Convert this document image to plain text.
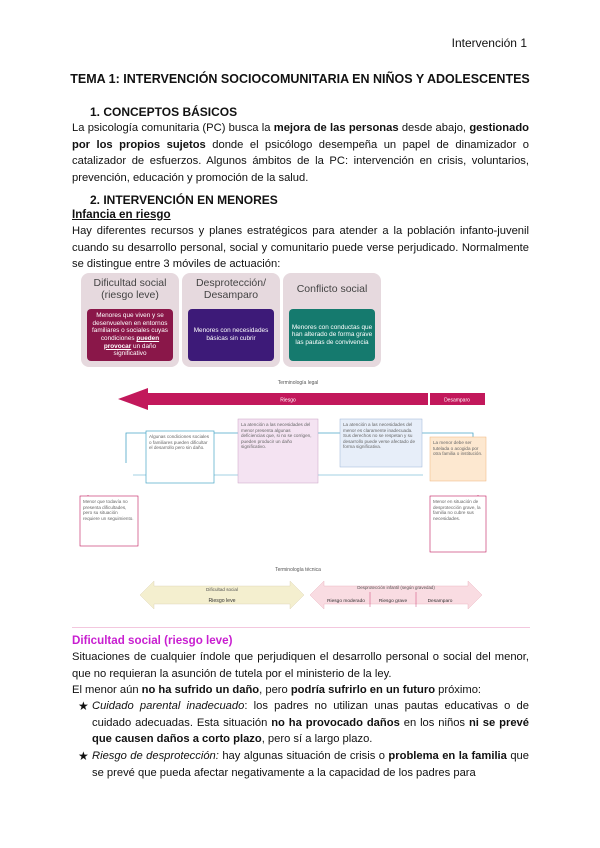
Intervención 1
TEMA 1: INTERVENCIÓN SOCIOCOMUNITARIA EN NIÑOS Y ADOLESCENTES
1. CONCEPTOS BÁSICOS
La psicología comunitaria (PC) busca la mejora de las personas desde abajo, gestionado por los propios sujetos donde el psicólogo desempeña un papel de dinamizador o catalizador de esfuerzos. Algunos ámbitos de la PC: intervención en crisis, voluntarios, prevención, educación y promoción de la salud.
2. INTERVENCIÓN EN MENORES
Infancia en riesgo
Hay diferentes recursos y planes estratégicos para atender a la población infanto-juvenil cuando su desarrollo personal, social y comunitario puede verse perjudicado. Normalmente se distingue entre 3 móviles de actuación:
Dificultad social (riesgo leve)
Menores que viven y se desenvuelven en entornos familiares o sociales cuyas condiciones pueden provocar un daño significativo
Desprotección/ Desamparo
Menores con necesidades básicas sin cubrir
Conflicto social
Menores con conductas que han alterado de forma grave las pautas de convivencia
Terminología legal
Riesgo	Desamparo
Terminología técnica
Dificultad social
Riesgo leve
Desprotección infantil (según gravedad)
Riesgo moderado	Riesgo grave	Desamparo
Algunas condiciones sociales o familiares pueden dificultar el desarrollo pero sin daño.
La atención a las necesidades del menor presenta algunas deficiencias que, si no se corrigen, pueden producir un daño significativo.
La atención a las necesidades del menor es claramente inadecuada. Sus derechos no se respetan y su desarrollo puede verse afectado de forma significativa.
La menor debe ser tutelada o acogida por otra familia o institución.
Menor que todavía no presenta dificultades, pero su situación requiere un seguimiento.
Menor en situación de desprotección grave, la familia no cubre sus necesidades.
Dificultad social (riesgo leve)
Situaciones de cualquier índole que perjudiquen el desarrollo personal o social del menor, que no requieran la asunción de tutela por el ministerio de la ley.
El menor aún no ha sufrido un daño, pero podría sufrirlo en un futuro próximo:
★ Cuidado parental inadecuado: los padres no utilizan unas pautas educativas o de cuidado adecuadas. Esta situación no ha provocado daños en los niños ni se prevé que causen daños a corto plazo, pero sí a largo plazo.
★ Riesgo de desprotección: hay algunas situación de crisis o problema en la familia que se prevé que pueda afectar negativamente a la capacidad de los padres para
